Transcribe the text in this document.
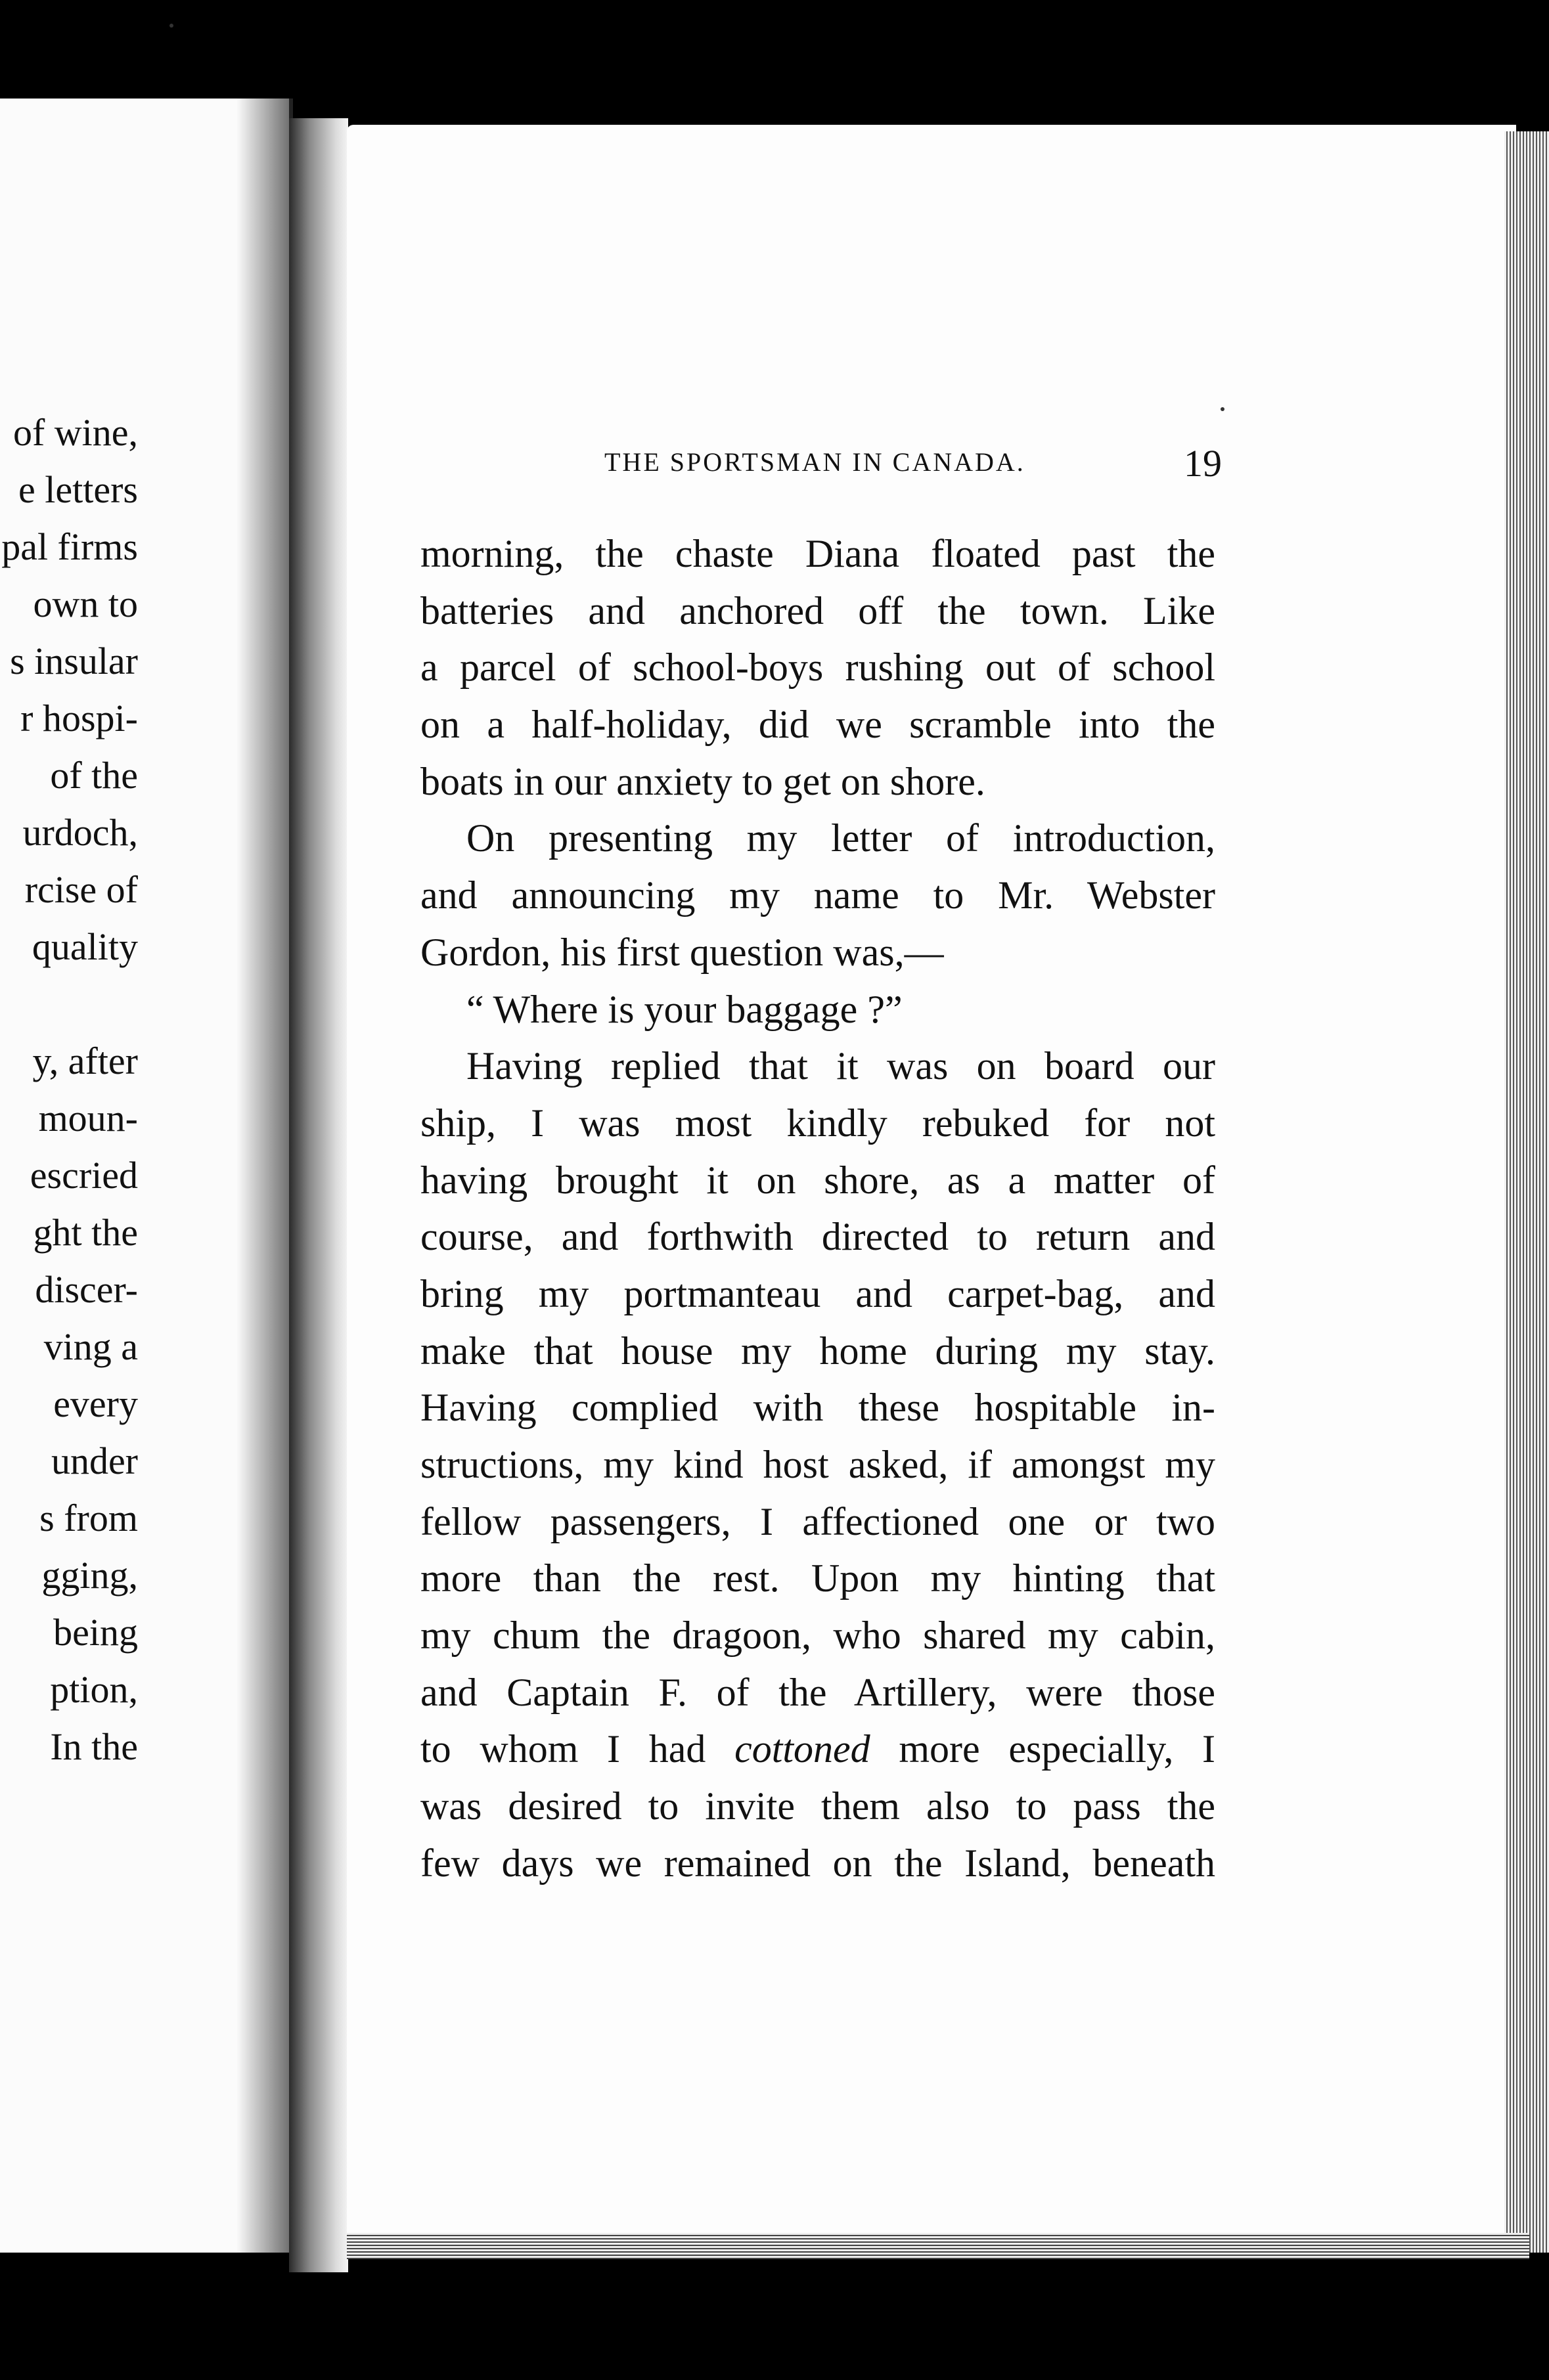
of wine,
e letters
pal firms
own to
s insular
r hospi-
of the
urdoch,
rcise of
quality
y, after
moun-
escried
ght the
discer-
ving a
every
under
s from
gging,
being
ption,
In the
THE SPORTSMAN IN CANADA.	19
morning, the chaste Diana floated past the
batteries and anchored off the town. Like
a parcel of school-boys rushing out of school
on a half-holiday, did we scramble into the
boats in our anxiety to get on shore.
On presenting my letter of introduction,
and announcing my name to Mr. Webster
Gordon, his first question was,—
“ Where is your baggage ?”
Having replied that it was on board our
ship, I was most kindly rebuked for not
having brought it on shore, as a matter of
course, and forthwith directed to return and
bring my portmanteau and carpet-bag, and
make that house my home during my stay.
Having complied with these hospitable in-
structions, my kind host asked, if amongst my
fellow passengers, I affectioned one or two
more than the rest. Upon my hinting that
my chum the dragoon, who shared my cabin,
and Captain F. of the Artillery, were those
to whom I had cottoned more especially, I
was desired to invite them also to pass the
few days we remained on the Island, beneath
